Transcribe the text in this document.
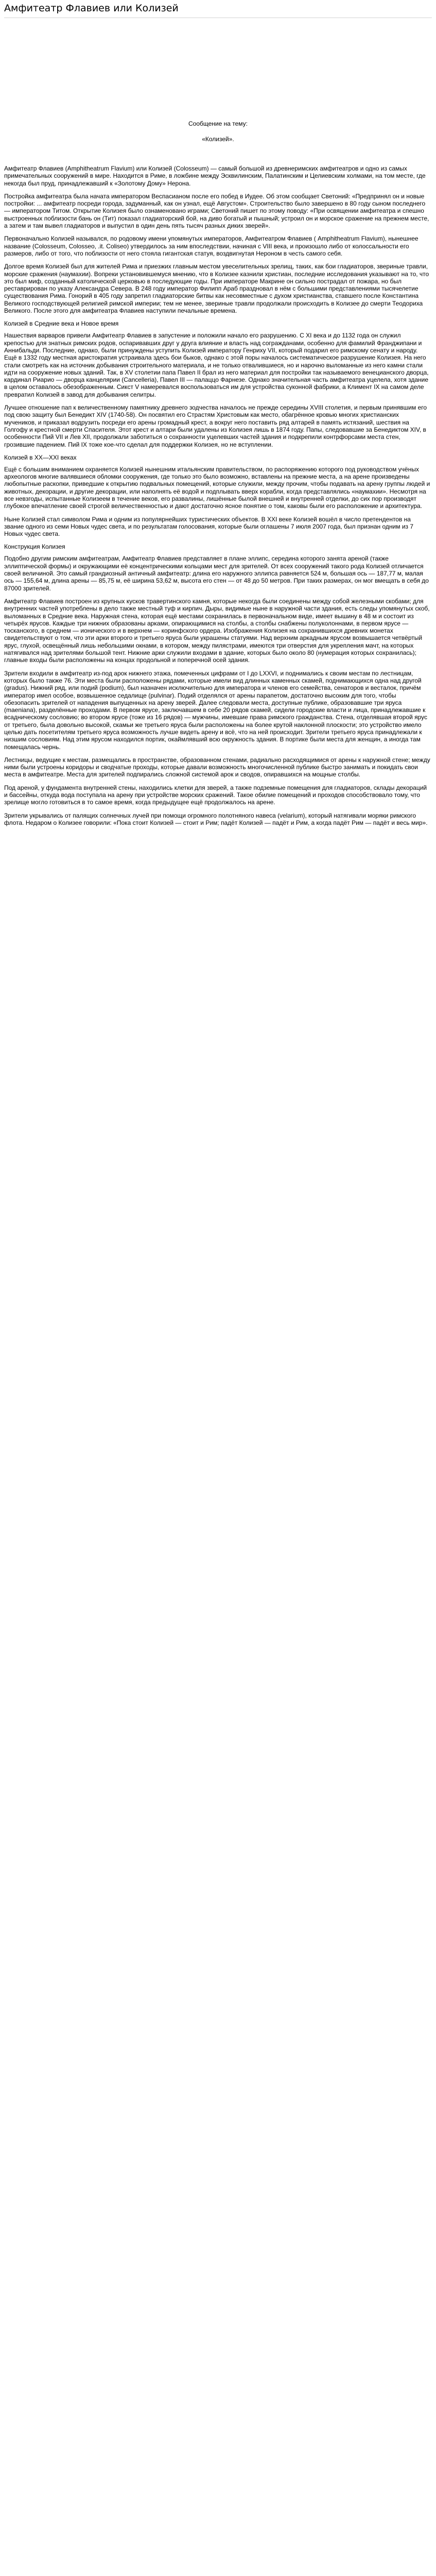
Амфитеатр Флавиев или Колизей
Сообщение на тему:
«Колизей».

Амфитеатр Флавиев (Amphitheatrum Flavium) или Колизей (Colosseum) — самый большой из древнеримских амфитеатров и одно из самых примечательных сооружений в мире. Находится в Риме, в ложбине между Эсквилинским, Палатинским и Целиевским холмами, на том месте, где некогда был пруд, принадлежавший к «Золотому Дому» Нерона.

Постройка амфитеатра была начата императором Веспасианом после его побед в Иудее. Об этом сообщает Светоний: «Предпринял он и новые постройки: ... амфитеатр посреди города, задуманный, как он узнал, ещё Августом». Строительство было завершено в 80 году сыном последнего — императором Титом. Открытие Колизея было ознаменовано играми; Светоний пишет по этому поводу: «При освящении амфитеатра и спешно выстроенных поблизости бань он (Тит) показал гладиаторский бой, на диво богатый и пышный; устроил он и морское сражение на прежнем месте, а затем и там вывел гладиаторов и выпустил в один день пять тысяч разных диких зверей».

Первоначально Колизей назывался, по родовому имени упомянутых императоров, Амфитеатром Флавиев ( Amphitheatrum Flavium), нынешнее название (Colosseum, Colosseo, .it. Coliseo) утвердилось за ним впоследствии, начиная с VIII века, и произошло либо от колоссальности его размеров, либо от того, что поблизости от него стояла гигантская статуя, воздвигнутая Нероном в честь самого себя.

Долгое время Колизей был для жителей Рима и приезжих главным местом увеселительных зрелищ, таких, как бои гладиаторов, звериные травли, морские сражения (наумахии). Вопреки установившемуся мнению, что в Колизее казнили христиан, последние исследования указывают на то, что это был миф, созданный католической церковью в последующие годы. При императоре Макрине он сильно пострадал от пожара, но был реставрирован по указу Александра Севера. В 248 году император Филипп Араб праздновал в нём с большими представлениями тысячелетие существования Рима. Гонорий в 405 году запретил гладиаторские битвы как несовместные с духом христианства, ставшего после Константина Великого господствующей религией римской империи; тем не менее, звериные травли продолжали происходить в Колизее до смерти Теодориха Великого. После этого для амфитеатра Флавиев наступили печальные времена.

Колизей в Средние века и Новое время

Нашествия варваров привели Амфитеатр Флавиев в запустение и положили начало его разрушению. С XI века и до 1132 года он служил крепостью для знатных римских родов, оспаривавших друг у друга влияние и власть над согражданами, особенно для фамилий Франджипани и Аннибальди. Последние, однако, были принуждены уступить Колизей императору Генриху VII, который подарил его римскому сенату и народу. Ещё в 1332 году местная аристократия устраивала здесь бои быков, однако с этой поры началось систематическое разрушение Колизея. На него стали смотреть как на источник добывания строительного материала, и не только отвалившиеся, но и нарочно выломанные из него камни стали идти на сооружение новых зданий. Так, в XV столетии папа Павел II брал из него материал для постройки так называемого венецианского дворца, кардинал Риарио — дворца канцелярии (Cancelleria), Павел III — палаццо Фарнезе. Однако значительная часть амфитеатра уцелела, хотя здание в целом оставалось обезображенным. Сикст V намеревался воспользоваться им для устройства суконной фабрики, а Климент IX на самом деле превратил Колизей в завод для добывания селитры.

Лучшее отношение пап к величественному памятнику древнего зодчества началось не прежде середины XVIII столетия, и первым принявшим его под свою защиту был Бенедикт XIV (1740-58). Он посвятил его Страстям Христовым как место, обагрённое кровью многих христианских мучеников, и приказал водрузить посреди его арены громадный крест, а вокруг него поставить ряд алтарей в память истязаний, шествия на Голгофу и крестной смерти Спасителя. Этот крест и алтари были удалены из Колизея лишь в 1874 году. Папы, следовавшие за Бенедиктом XIV, в особенности Пий VII и Лев XII, продолжали заботиться о сохранности уцелевших частей здания и подкрепили контрфорсами места стен, грозившие падением. Пий IX тоже кое-что сделал для поддержки Колизея, но не вступлении.

Колизей в XX—XXI веках

Ещё с большим вниманием охраняется Колизей нынешним итальянским правительством, по распоряжению которого под руководством учёных археологов многие валявшиеся обломки сооружения, где только это было возможно, вставлены на прежние места, а на арене произведены любопытные раскопки, приведшие к открытию подвальных помещений, которые служили, между прочим, чтобы подавать на арену группы людей и животных, декорации, и другие декорации, или наполнять её водой и подплывать вверх корабли, когда представлялись «наумахии». Несмотря на все невзгоды, испытанные Колизеем в течение веков, его развалины, лишённые былой внешней и внутренней отделки, до сих пор производят глубокое впечатление своей строгой величественностью и дают достаточно ясное понятие о том, каковы были его расположение и архитектура.

Ныне Колизей стал символом Рима и одним из популярнейших туристических объектов. В XXI веке Колизей вошёл в число претендентов на звание одного из семи Новых чудес света, и по результатам голосования, которые были оглашены 7 июля 2007 года, был признан одним из 7 Новых чудес света.

Конструкция Колизея

Подобно другим римским амфитеатрам, Амфитеатр Флавиев представляет в плане эллипс, середина которого занята ареной (также эллиптической формы) и окружающими её концентрическими кольцами мест для зрителей. От всех сооружений такого рода Колизей отличается своей величиной. Это самый грандиозный античный амфитеатр: длина его наружного эллипса равняется 524 м, большая ось — 187,77 м, малая ось — 155,64 м, длина арены — 85,75 м, её ширина 53,62 м, высота его стен — от 48 до 50 метров. При таких размерах, он мог вмещать в себя до 87000 зрителей.

Амфитеатр Флавиев построен из крупных кусков травертинского камня, которые некогда были соединены между собой железными скобами; для внутренних частей употреблены в дело также местный туф и кирпич. Дыры, видимые ныне в наружной части здания, есть следы упомянутых скоб, выломанных в Средние века. Наружная стена, которая ещё местами сохранилась в первоначальном виде, имеет вышину в 48 м и состоит из четырёх ярусов. Каждые три нижних образованы арками, опирающимися на столбы, а столбы снабжены полуколоннами, в первом ярусе — тосканского, в среднем — ионического и в верхнем — коринфского ордера. Изображения Колизея на сохранившихся древних монетах свидетельствуют о том, что эти арки второго и третьего яруса были украшены статуями. Над верхним аркадным ярусом возвышается четвёртый ярус, глухой, освещённый лишь небольшими окнами, в котором, между пилястрами, имеются три отверстия для укрепления мачт, на которых натягивался над зрителями большой тент. Нижние арки служили входами в здание, которых было около 80 (нумерация которых сохранилась); главные входы были расположены на концах продольной и поперечной осей здания.

Зрители входили в амфитеатр из-под арок нижнего этажа, помеченных цифрами от I до LXXVI, и поднимались к своим местам по лестницам, которых было также 76. Эти места были расположены рядами, которые имели вид длинных каменных скамей, поднимающихся одна над другой (gradus). Нижний ряд, или подий (podium), был назначен исключительно для императора и членов его семейства, сенаторов и весталок, причём император имел особое, возвышенное седалище (pulvinar). Подий отделялся от арены парапетом, достаточно высоким для того, чтобы обезопасить зрителей от нападения выпущенных на арену зверей. Далее следовали места, доступные публике, образовавшие три яруса (maeniana), разделённые проходами. В первом ярусе, заключавшем в себе 20 рядов скамей, сидели городские власти и лица, принадлежавшие к всадническому сословию; во втором ярусе (тоже из 16 рядов) — мужчины, имевшие права римского гражданства. Стена, отделявшая второй ярус от третьего, была довольно высокой, скамьи же третьего яруса были расположены на более крутой наклонной плоскости; это устройство имело целью дать посетителям третьего яруса возможность лучше видеть арену и всё, что на ней происходит. Зрители третьего яруса принадлежали к низшим сословиям. Над этим ярусом находился портик, окаймлявший всю окружность здания. В портике были места для женщин, а иногда там помещалась чернь.

Лестницы, ведущие к местам, размещались в пространстве, образованном стенами, радиально расходящимися от арены к наружной стене; между ними были устроены коридоры и сводчатые проходы, которые давали возможность многочисленной публике быстро занимать и покидать свои места в амфитеатре. Места для зрителей подпирались сложной системой арок и сводов, опиравшихся на мощные столбы.

Под ареной, у фундамента внутренней стены, находились клетки для зверей, а также подземные помещения для гладиаторов, склады декораций и бассейны, откуда вода поступала на арену при устройстве морских сражений. Такое обилие помещений и проходов способствовало тому, что зрелище могло готовиться в то самое время, когда предыдущее ещё продолжалось на арене.

Зрители укрывались от палящих солнечных лучей при помощи огромного полотняного навеса (velarium), который натягивали моряки римского флота. Недаром о Колизее говорили: «Пока стоит Колизей — стоит и Рим; падёт Колизей — падёт и Рим, а когда падёт Рим — падёт и весь мир».
